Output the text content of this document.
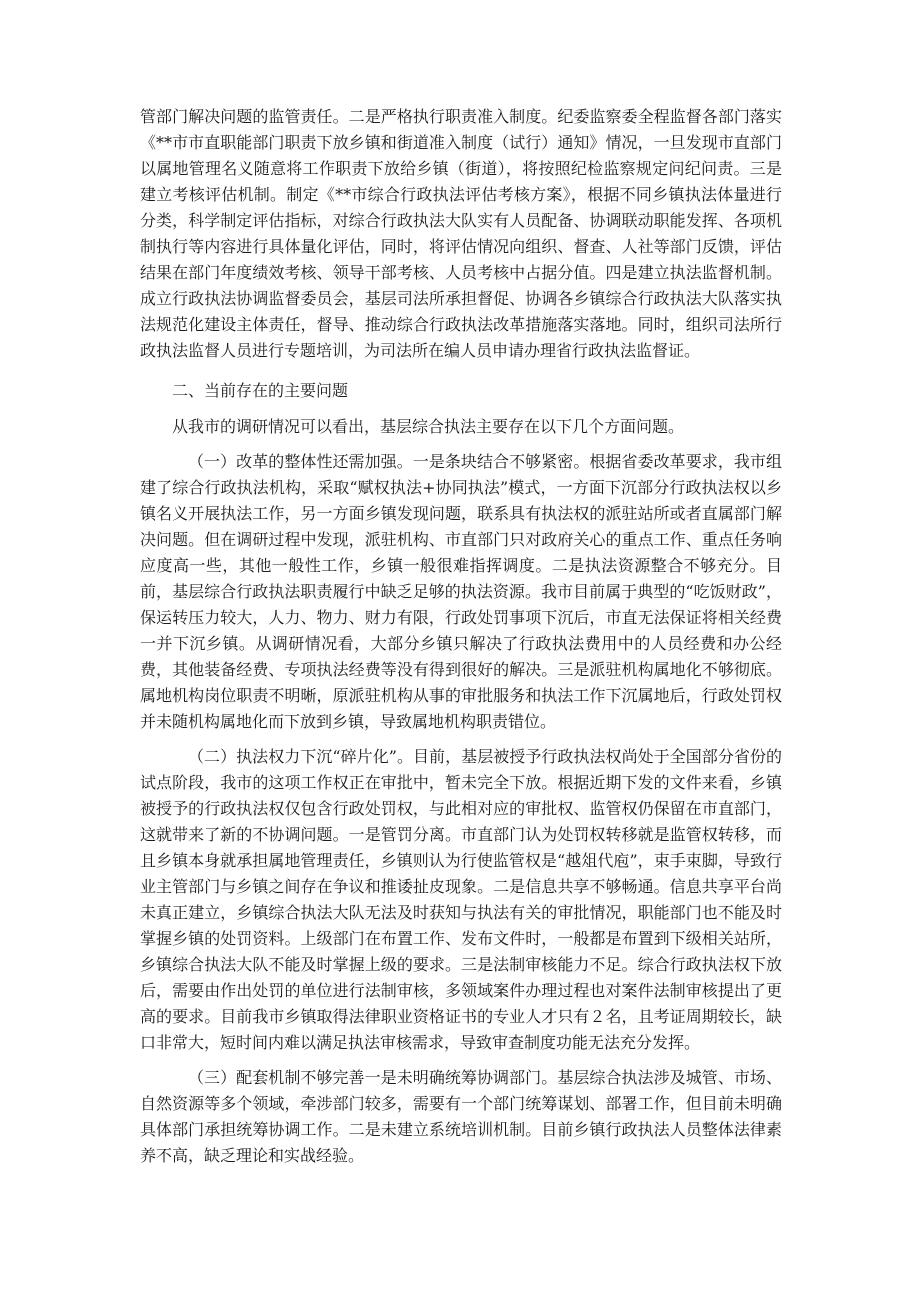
管部门解决问题的监管责任。二是严格执行职责准入制度。纪委监察委全程监督各部门落实《**市市直职能部门职责下放乡镇和街道准入制度（试行）通知》情况，一旦发现市直部门以属地管理名义随意将工作职责下放给乡镇（街道），将按照纪检监察规定问纪问责。三是建立考核评估机制。制定《**市综合行政执法评估考核方案》，根据不同乡镇执法体量进行分类，科学制定评估指标，对综合行政执法大队实有人员配备、协调联动职能发挥、各项机制执行等内容进行具体量化评估，同时，将评估情况向组织、督查、人社等部门反馈，评估结果在部门年度绩效考核、领导干部考核、人员考核中占据分值。四是建立执法监督机制。成立行政执法协调监督委员会，基层司法所承担督促、协调各乡镇综合行政执法大队落实执法规范化建设主体责任，督导、推动综合行政执法改革措施落实落地。同时，组织司法所行政执法监督人员进行专题培训，为司法所在编人员申请办理省行政执法监督证。

二、当前存在的主要问题

从我市的调研情况可以看出，基层综合执法主要存在以下几个方面问题。

（一）改革的整体性还需加强。一是条块结合不够紧密。根据省委改革要求，我市组建了综合行政执法机构，采取“赋权执法+协同执法”模式，一方面下沉部分行政执法权以乡镇名义开展执法工作，另一方面乡镇发现问题，联系具有执法权的派驻站所或者直属部门解决问题。但在调研过程中发现，派驻机构、市直部门只对政府关心的重点工作、重点任务响应度高一些，其他一般性工作，乡镇一般很难指挥调度。二是执法资源整合不够充分。目前，基层综合行政执法职责履行中缺乏足够的执法资源。我市目前属于典型的“吃饭财政”，保运转压力较大，人力、物力、财力有限，行政处罚事项下沉后，市直无法保证将相关经费一并下沉乡镇。从调研情况看，大部分乡镇只解决了行政执法费用中的人员经费和办公经费，其他装备经费、专项执法经费等没有得到很好的解决。三是派驻机构属地化不够彻底。属地机构岗位职责不明晰，原派驻机构从事的审批服务和执法工作下沉属地后，行政处罚权并未随机构属地化而下放到乡镇，导致属地机构职责错位。

（二）执法权力下沉“碎片化”。目前，基层被授予行政执法权尚处于全国部分省份的试点阶段，我市的这项工作权正在审批中，暂未完全下放。根据近期下发的文件来看，乡镇被授予的行政执法权仅包含行政处罚权，与此相对应的审批权、监管权仍保留在市直部门，这就带来了新的不协调问题。一是管罚分离。市直部门认为处罚权转移就是监管权转移，而且乡镇本身就承担属地管理责任，乡镇则认为行使监管权是“越俎代庖”，束手束脚，导致行业主管部门与乡镇之间存在争议和推诿扯皮现象。二是信息共享不够畅通。信息共享平台尚未真正建立，乡镇综合执法大队无法及时获知与执法有关的审批情况，职能部门也不能及时掌握乡镇的处罚资料。上级部门在布置工作、发布文件时，一般都是布置到下级相关站所，乡镇综合执法大队不能及时掌握上级的要求。三是法制审核能力不足。综合行政执法权下放后，需要由作出处罚的单位进行法制审核，多领域案件办理过程也对案件法制审核提出了更高的要求。目前我市乡镇取得法律职业资格证书的专业人才只有２名，且考证周期较长，缺口非常大，短时间内难以满足执法审核需求，导致审查制度功能无法充分发挥。

（三）配套机制不够完善一是未明确统筹协调部门。基层综合执法涉及城管、市场、自然资源等多个领域，牵涉部门较多，需要有一个部门统筹谋划、部署工作，但目前未明确具体部门承担统筹协调工作。二是未建立系统培训机制。目前乡镇行政执法人员整体法律素养不高，缺乏理论和实战经验。
